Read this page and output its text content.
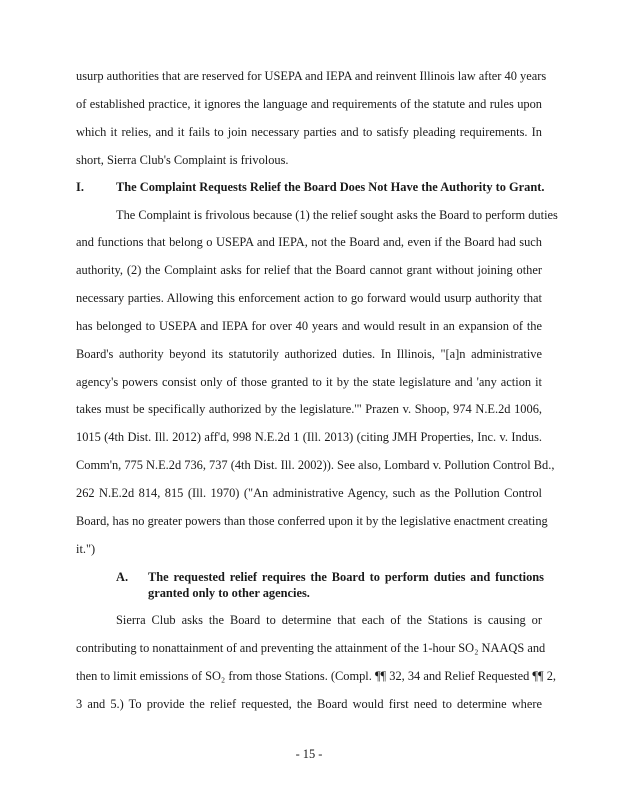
usurp authorities that are reserved for USEPA and IEPA and reinvent Illinois law after 40 years
of established practice, it ignores the language and requirements of the statute and rules upon
which it relies, and it fails to join necessary parties and to satisfy pleading requirements. In
short, Sierra Club's Complaint is frivolous.
I.	The Complaint Requests Relief the Board Does Not Have the Authority to Grant.
The Complaint is frivolous because (1) the relief sought asks the Board to perform duties
and functions that belong o USEPA and IEPA, not the Board and, even if the Board had such
authority, (2) the Complaint asks for relief that the Board cannot grant without joining other
necessary parties. Allowing this enforcement action to go forward would usurp authority that
has belonged to USEPA and IEPA for over 40 years and would result in an expansion of the
Board's authority beyond its statutorily authorized duties. In Illinois, "[a]n administrative
agency's powers consist only of those granted to it by the state legislature and 'any action it
takes must be specifically authorized by the legislature.'" Prazen v. Shoop, 974 N.E.2d 1006,
1015 (4th Dist. Ill. 2012) aff'd, 998 N.E.2d 1 (Ill. 2013) (citing JMH Properties, Inc. v. Indus.
Comm'n, 775 N.E.2d 736, 737 (4th Dist. Ill. 2002)). See also, Lombard v. Pollution Control Bd.,
262 N.E.2d 814, 815 (Ill. 1970) ("An administrative Agency, such as the Pollution Control
Board, has no greater powers than those conferred upon it by the legislative enactment creating
it.")
A. The requested relief requires the Board to perform duties and functions
granted only to other agencies.
Sierra Club asks the Board to determine that each of the Stations is causing or
contributing to nonattainment of and preventing the attainment of the 1-hour SO₂ NAAQS and
then to limit emissions of SO₂ from those Stations. (Compl. ¶¶ 32, 34 and Relief Requested ¶¶ 2,
3 and 5.) To provide the relief requested, the Board would first need to determine where
- 15 -
